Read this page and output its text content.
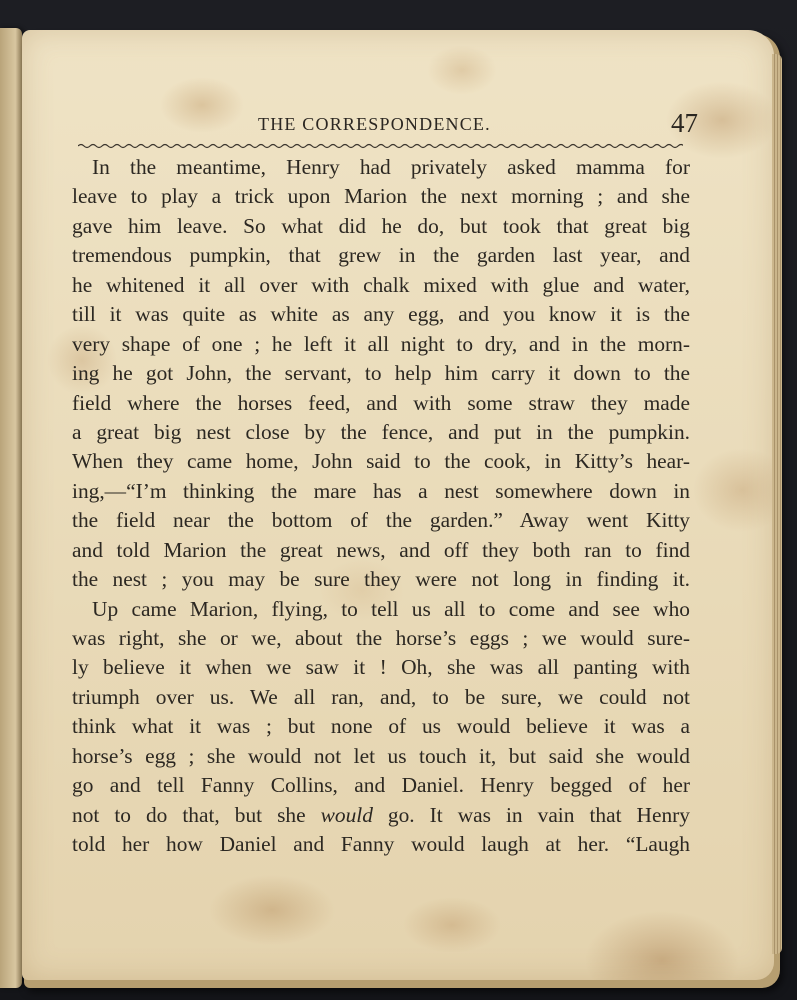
THE CORRESPONDENCE.	47
In the meantime, Henry had privately asked mamma for
leave to play a trick upon Marion the next morning ; and she
gave him leave. So what did he do, but took that great big
tremendous pumpkin, that grew in the garden last year, and
he whitened it all over with chalk mixed with glue and water,
till it was quite as white as any egg, and you know it is the
very shape of one ; he left it all night to dry, and in the morn-
ing he got John, the servant, to help him carry it down to the
field where the horses feed, and with some straw they made
a great big nest close by the fence, and put in the pumpkin.
When they came home, John said to the cook, in Kitty’s hear-
ing,—“I’m thinking the mare has a nest somewhere down in
the field near the bottom of the garden.” Away went Kitty
and told Marion the great news, and off they both ran to find
the nest ; you may be sure they were not long in finding it.
Up came Marion, flying, to tell us all to come and see who
was right, she or we, about the horse’s eggs ; we would sure-
ly believe it when we saw it ! Oh, she was all panting with
triumph over us. We all ran, and, to be sure, we could not
think what it was ; but none of us would believe it was a
horse’s egg ; she would not let us touch it, but said she would
go and tell Fanny Collins, and Daniel. Henry begged of her
not to do that, but she would go. It was in vain that Henry
told her how Daniel and Fanny would laugh at her. “Laugh
